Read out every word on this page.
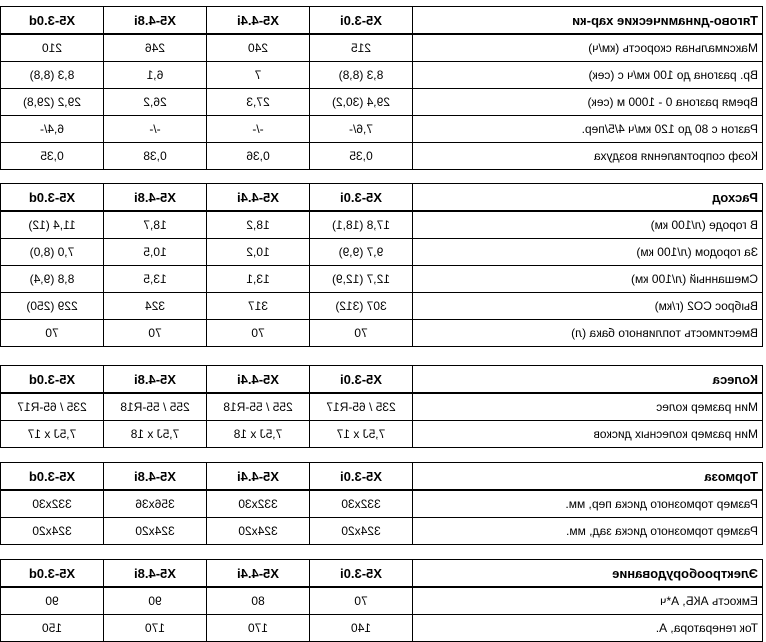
Тягово-динамические хар-ки	X5-3.0i	X5-4.4i	X5-4.8i	X5-3.0d
Максимальная скорость (км/ч)	215	240	246	210
Вр. разгона до 100 км/ч с (сек)	8,3 (8,8)	7	6,1	8,3 (8,8)
Время разгона 0 - 1000 м (сек)	29,4 (30,2)	27,3	26,2	29,2 (29,8)
Разгон с 80 до 120 км/ч 4/5/пер.	7,6/-	-/-	-/-	6,4/-
Коэф сопротивления воздуха	0,35	0,36	0,38	0,35
Расход	X5-3.0i	X5-4.4i	X5-4.8i	X5-3.0d
В городе (л/100 км)	17,8 (18,1)	18,2	18,7	11,4 (12)
За городом (л/100 км)	9,7 (9,9)	10,2	10,5	7,0 (8,0)
Смешанный (л/100 км)	12,7 (12,9)	13,1	13,5	8,8 (9,4)
Выброс CO2 (г/км)	307 (312)	317	324	229 (250)
Вместимость топливного бака (л)	70	70	70	70
Колеса	X5-3.0i	X5-4.4i	X5-4.8i	X5-3.0d
Мин размер колес	235 / 65-R17	255 / 55-R18	255 / 55-R18	235 / 65-R17
Мин размер колесных дисков	7,5J x 17	7,5J x 18	7,5J x 18	7,5J x 17
Тормоза	X5-3.0i	X5-4.4i	X5-4.8i	X5-3.0d
Размер тормозного диска пер, мм.	332x30	332x30	356x36	332x30
Размер тормозного диска зад, мм.	324x20	324x20	324x20	324x20
Электрооборудование	X5-3.0i	X5-4.4i	X5-4.8i	X5-3.0d
Емкость АКБ, А*ч	70	80	90	90
Ток генератора, А.	140	170	170	150
